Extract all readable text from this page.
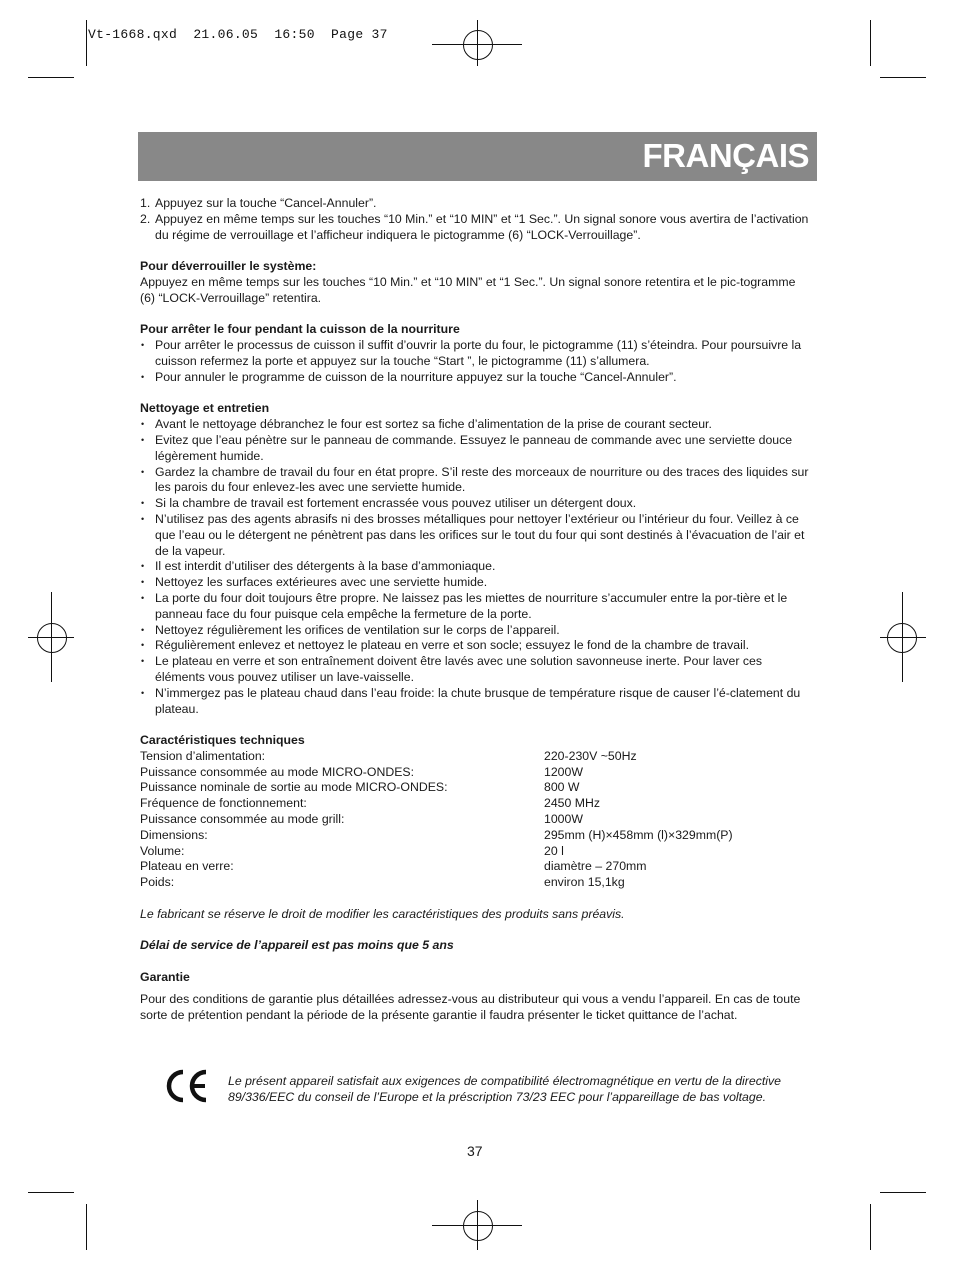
Vt-1668.qxd  21.06.05  16:50  Page 37
FRANÇAIS
1. Appuyez sur la touche “Cancel-Annuler”.

2. Appuyez en même temps sur les touches “10 Min.” et “10 MIN” et “1 Sec.”. Un signal sonore vous avertira de l’activation du régime de verrouillage et l’afficheur indiquera le pictogramme (6) “LOCK-Verrouillage”.

Pour déverrouiller le système:

Appuyez en même temps sur les touches “10 Min.” et “10 MIN” et “1 Sec.”. Un signal sonore retentira et le pic-togramme (6) “LOCK-Verrouillage” retentira.

Pour arrêter le four pendant la cuisson de la nourriture

• Pour arrêter le processus de cuisson il suffit d’ouvrir la porte du four, le pictogramme (11) s’éteindra. Pour poursuivre la cuisson refermez la porte et appuyez sur la touche “Start ”, le pictogramme (11) s’allumera.

• Pour annuler le programme de cuisson de la nourriture appuyez sur la touche “Cancel-Annuler”.

Nettoyage et entretien

• Avant le nettoyage débranchez le four est sortez sa fiche d’alimentation de la prise de courant secteur.

• Evitez que l’eau pénètre sur le panneau de commande. Essuyez le panneau de commande avec une serviette douce légèrement humide.

• Gardez la chambre de travail du four en état propre. S’il reste des morceaux de nourriture ou des traces des liquides sur les parois du four enlevez-les avec une serviette humide.

• Si la chambre de travail est fortement encrassée vous pouvez utiliser un détergent doux.

• N’utilisez pas des agents abrasifs ni des brosses métalliques pour nettoyer l’extérieur ou l’intérieur du four. Veillez à ce que l’eau ou le détergent ne pénètrent pas dans les orifices sur le tout du four qui sont destinés à l’évacuation de l’air et de la vapeur.

• Il est interdit d’utiliser des détergents à la base d’ammoniaque.

• Nettoyez les surfaces extérieures avec une serviette humide.

• La porte du four doit toujours être propre. Ne laissez pas les miettes de nourriture s’accumuler entre la por-tière et le panneau face du four puisque cela empêche la fermeture de la porte.

• Nettoyez régulièrement les orifices de ventilation sur le corps de l’appareil.

• Régulièrement enlevez et nettoyez le plateau en verre et son socle; essuyez le fond de la chambre de travail.

• Le plateau en verre et son entraînement doivent être lavés avec une solution savonneuse inerte. Pour laver ces éléments vous pouvez utiliser un lave-vaisselle.

• N’immergez pas le plateau chaud dans l’eau froide: la chute brusque de température risque de causer l’é-clatement du plateau.

Caractéristiques techniques

Tension d’alimentation:	220-230V ~50Hz
Puissance consommée au mode MICRO-ONDES:	1200W
Puissance nominale de sortie au mode MICRO-ONDES:	800 W
Fréquence de fonctionnement:	2450 MHz
Puissance consommée au mode grill:	1000W
Dimensions:	295mm (H)×458mm (l)×329mm(P)
Volume:	20 l
Plateau en verre:	diamètre – 270mm
Poids:	environ 15,1kg

Le fabricant se réserve le droit de modifier les caractéristiques des produits sans préavis.

Délai de service de l’appareil est pas moins que 5 ans

Garantie

Pour des conditions de garantie plus détaillées adressez-vous au distributeur qui vous a vendu l’appareil. En cas de toute sorte de prétention pendant la période de la présente garantie il faudra présenter le ticket quittance de l’achat.

Le présent appareil satisfait aux exigences de compatibilité électromagnétique en vertu de la directive 89/336/EEC du conseil de l’Europe et la préscription 73/23 EEC pour l’appareillage de bas voltage.

37
